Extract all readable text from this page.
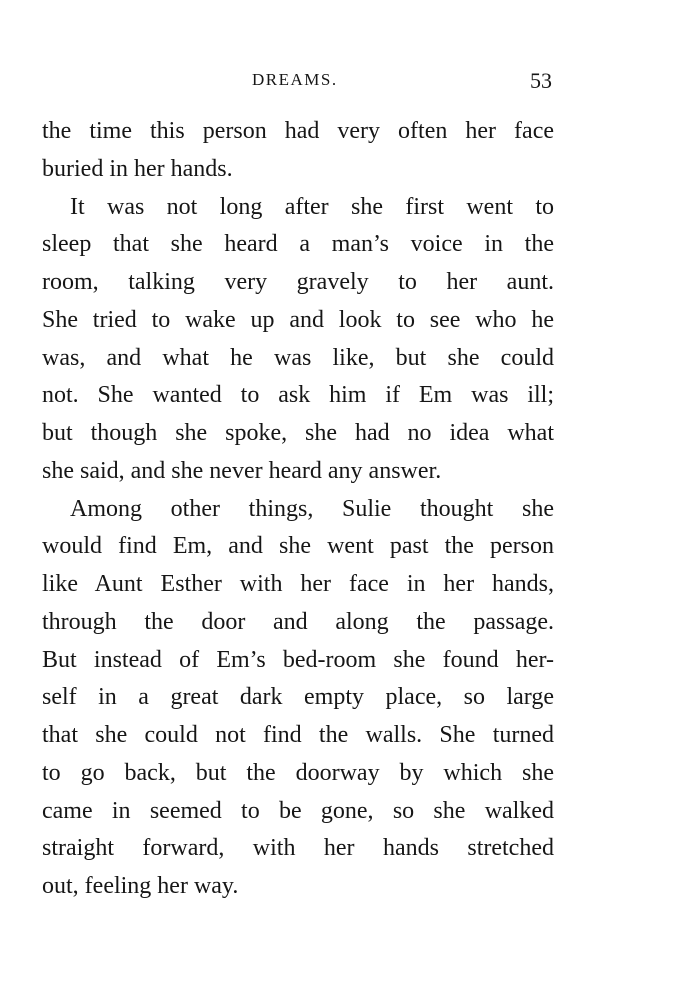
DREAMS.	53
the time this person had very often her face
buried in her hands.
It was not long after she first went to
sleep that she heard a man’s voice in the
room, talking very gravely to her aunt.
She tried to wake up and look to see who he
was, and what he was like, but she could
not. She wanted to ask him if Em was ill;
but though she spoke, she had no idea what
she said, and she never heard any answer.
Among other things, Sulie thought she
would find Em, and she went past the person
like Aunt Esther with her face in her hands,
through the door and along the passage.
But instead of Em’s bed-room she found her-
self in a great dark empty place, so large
that she could not find the walls. She turned
to go back, but the doorway by which she
came in seemed to be gone, so she walked
straight forward, with her hands stretched
out, feeling her way.
